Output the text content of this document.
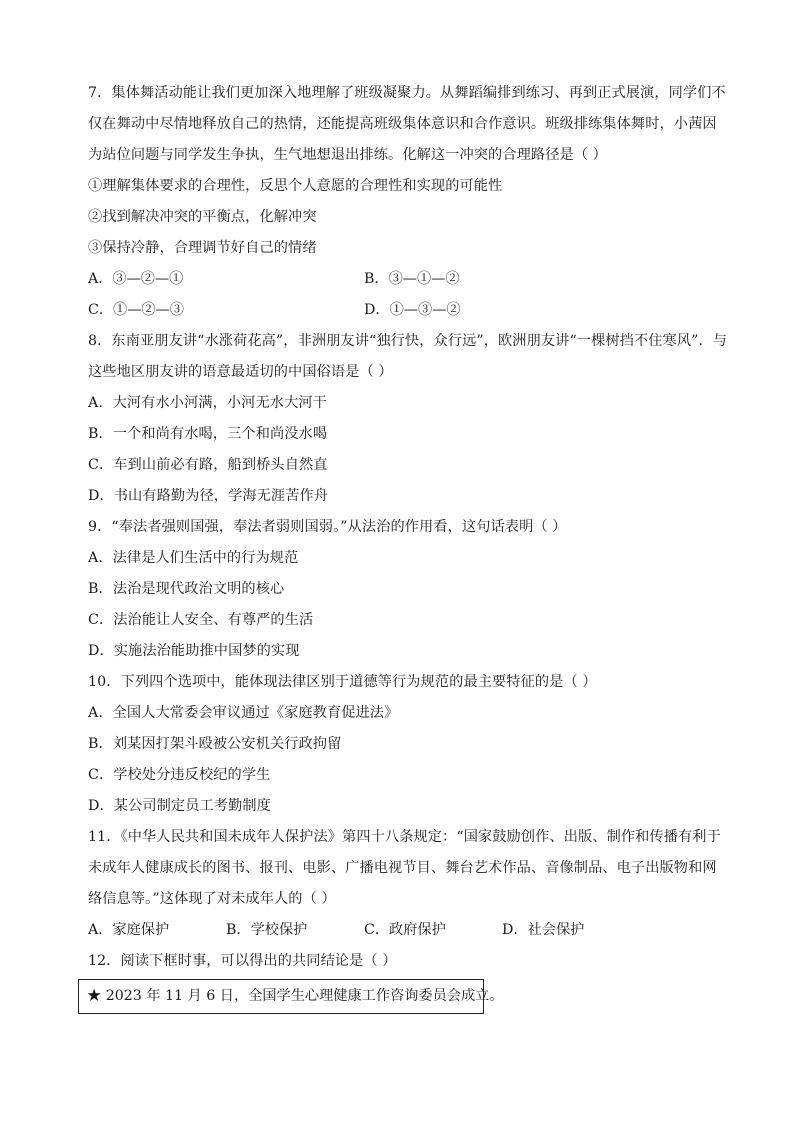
7．集体舞活动能让我们更加深入地理解了班级凝聚力。从舞蹈编排到练习、再到正式展演，同学们不
仅在舞动中尽情地释放自己的热情，还能提高班级集体意识和合作意识。班级排练集体舞时，小茜因
为站位问题与同学发生争执，生气地想退出排练。化解这一冲突的合理路径是（ ）
①理解集体要求的合理性，反思个人意愿的合理性和实现的可能性
②找到解决冲突的平衡点，化解冲突
③保持冷静，合理调节好自己的情绪
A．③—②—①	B．③—①—②
C．①—②—③	D．①—③—②
8．东南亚朋友讲“水涨荷花高”，非洲朋友讲“独行快，众行远”，欧洲朋友讲“一棵树挡不住寒风”．与
这些地区朋友讲的语意最适切的中国俗语是（ ）
A．大河有水小河满，小河无水大河干
B．一个和尚有水喝，三个和尚没水喝
C．车到山前必有路，船到桥头自然直
D．书山有路勤为径，学海无涯苦作舟
9．“奉法者强则国强，奉法者弱则国弱。”从法治的作用看，这句话表明（ ）
A．法律是人们生活中的行为规范
B．法治是现代政治文明的核心
C．法治能让人安全、有尊严的生活
D．实施法治能助推中国梦的实现
10．下列四个选项中，能体现法律区别于道德等行为规范的最主要特征的是（ ）
A．全国人大常委会审议通过《家庭教育促进法》
B．刘某因打架斗殴被公安机关行政拘留
C．学校处分违反校纪的学生
D．某公司制定员工考勤制度
11．《中华人民共和国未成年人保护法》第四十八条规定：“国家鼓励创作、出版、制作和传播有利于
未成年人健康成长的图书、报刊、电影、广播电视节目、舞台艺术作品、音像制品、电子出版物和网
络信息等。”这体现了对未成年人的（ ）
A．家庭保护	B．学校保护	C．政府保护	D．社会保护
12．阅读下框时事，可以得出的共同结论是（ ）
★ 2023 年 11 月 6 日，全国学生心理健康工作咨询委员会成立。
